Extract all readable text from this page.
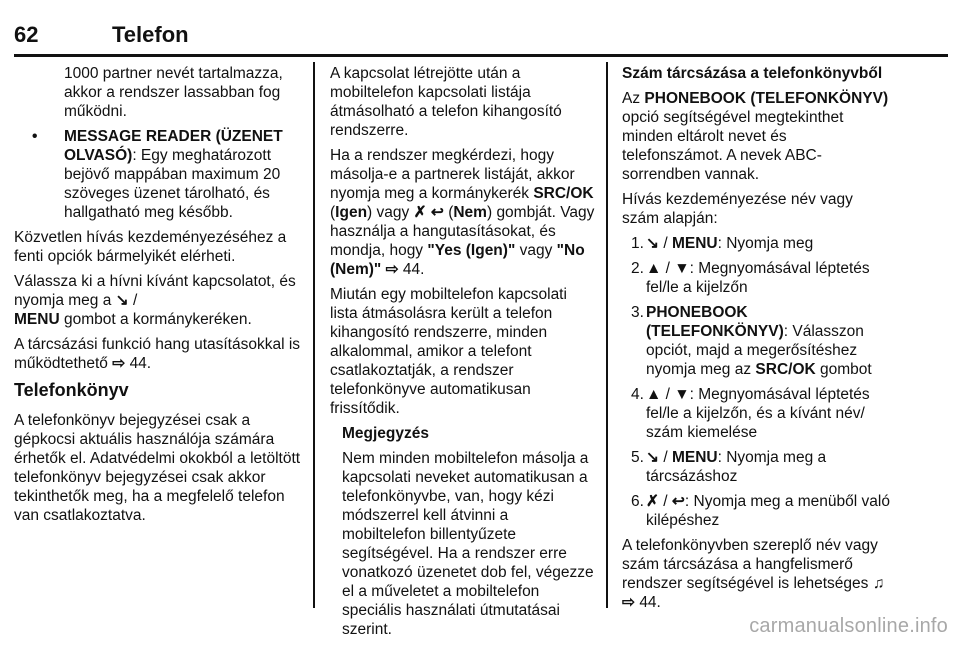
62	Telefon

1000 partner nevét tartalmazza, akkor a rendszer lassabban fog működni.

• MESSAGE READER (ÜZENET OLVASÓ): Egy meghatározott bejövő mappában maximum 20 szöveges üzenet tárolható, és hallgatható meg később.

Közvetlen hívás kezdeményezéséhez a fenti opciók bármelyikét elérheti.

Válassza ki a hívni kívánt kapcsolatot, és nyomja meg a ↘ /
MENU gombot a kormánykeréken.

A tárcsázási funkció hang utasításokkal is működtethető ⇨ 44.

Telefonkönyv

A telefonkönyv bejegyzései csak a gépkocsi aktuális használója számára érhetők el. Adatvédelmi okokból a letöltött telefonkönyv bejegyzései csak akkor tekinthetők meg, ha a megfelelő telefon van csatlakoztatva.

A kapcsolat létrejötte után a mobiltelefon kapcsolati listája átmásolható a telefon kihangosító rendszerre.

Ha a rendszer megkérdezi, hogy másolja-e a partnerek listáját, akkor nyomja meg a kormánykerék SRC/OK (Igen) vagy ✗ ↩ (Nem) gombját. Vagy használja a hangutasításokat, és mondja, hogy "Yes (Igen)" vagy "No (Nem)" ⇨ 44.

Miután egy mobiltelefon kapcsolati lista átmásolásra került a telefon kihangosító rendszerre, minden alkalommal, amikor a telefont csatlakoztatják, a rendszer telefonkönyve automatikusan frissítődik.

Megjegyzés

Nem minden mobiltelefon másolja a kapcsolati neveket automatikusan a telefonkönyvbe, van, hogy kézi módszerrel kell átvinni a mobiltelefon billentyűzete segítségével. Ha a rendszer erre vonatkozó üzenetet dob fel, végezze el a műveletet a mobiltelefon speciális használati útmutatásai szerint.

Szám tárcsázása a telefonkönyvből

Az PHONEBOOK (TELEFONKÖNYV) opció segítségével megtekinthet minden eltárolt nevet és telefonszámot. A nevek ABC-sorrendben vannak.

Hívás kezdeményezése név vagy szám alapján:

1. ↘ / MENU: Nyomja meg
2. ▲ / ▼: Megnyomásával léptetés fel/le a kijelzőn
3. PHONEBOOK (TELEFONKÖNYV): Válasszon opciót, majd a megerősítéshez nyomja meg az SRC/OK gombot
4. ▲ / ▼: Megnyomásával léptetés fel/le a kijelzőn, és a kívánt név/ szám kiemelése
5. ↘ / MENU: Nyomja meg a tárcsázáshoz
6. ✗ / ↩: Nyomja meg a menüből való kilépéshez

A telefonkönyvben szereplő név vagy szám tárcsázása a hangfelismerő rendszer segítségével is lehetséges ♫ ⇨ 44.

carmanualsonline.info
